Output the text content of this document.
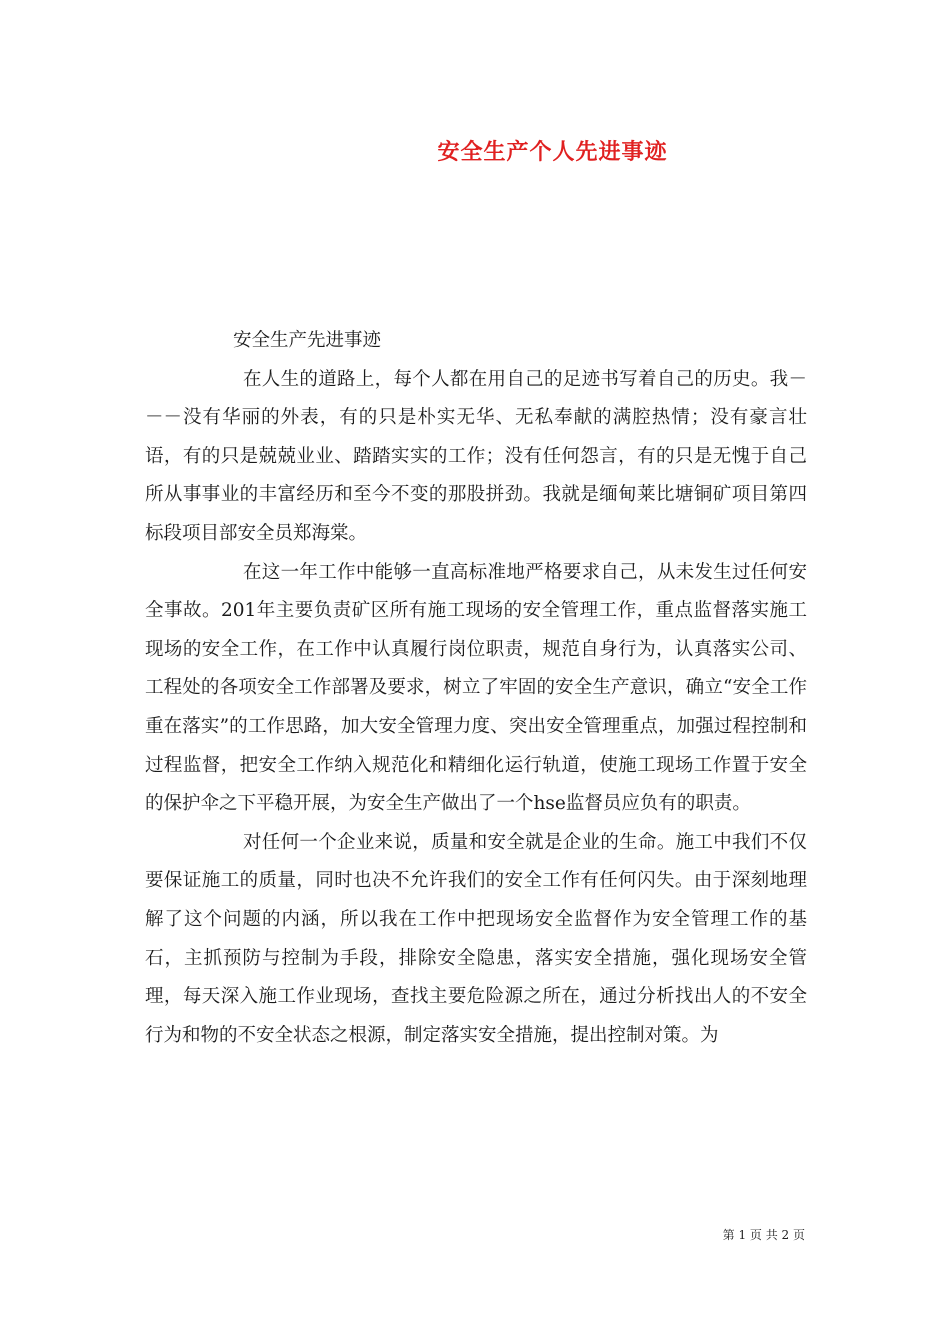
安全生产个人先进事迹
安全生产先进事迹

在人生的道路上，每个人都在用自己的足迹书写着自己的历史。我－－－没有华丽的外表，有的只是朴实无华、无私奉献的满腔热情；没有豪言壮语，有的只是兢兢业业、踏踏实实的工作；没有任何怨言，有的只是无愧于自己所从事事业的丰富经历和至今不变的那股拼劲。我就是缅甸莱比塘铜矿项目第四标段项目部安全员郑海棠。

在这一年工作中能够一直高标准地严格要求自己，从未发生过任何安全事故。201年主要负责矿区所有施工现场的安全管理工作，重点监督落实施工现场的安全工作，在工作中认真履行岗位职责，规范自身行为，认真落实公司、工程处的各项安全工作部署及要求，树立了牢固的安全生产意识，确立“安全工作重在落实”的工作思路，加大安全管理力度、突出安全管理重点，加强过程控制和过程监督，把安全工作纳入规范化和精细化运行轨道，使施工现场工作置于安全的保护伞之下平稳开展，为安全生产做出了一个hse监督员应负有的职责。

对任何一个企业来说，质量和安全就是企业的生命。施工中我们不仅要保证施工的质量，同时也决不允许我们的安全工作有任何闪失。由于深刻地理解了这个问题的内涵，所以我在工作中把现场安全监督作为安全管理工作的基石，主抓预防与控制为手段，排除安全隐患，落实安全措施，强化现场安全管理，每天深入施工作业现场，查找主要危险源之所在，通过分析找出人的不安全行为和物的不安全状态之根源，制定落实安全措施，提出控制对策。为

第 1 页 共 2 页
